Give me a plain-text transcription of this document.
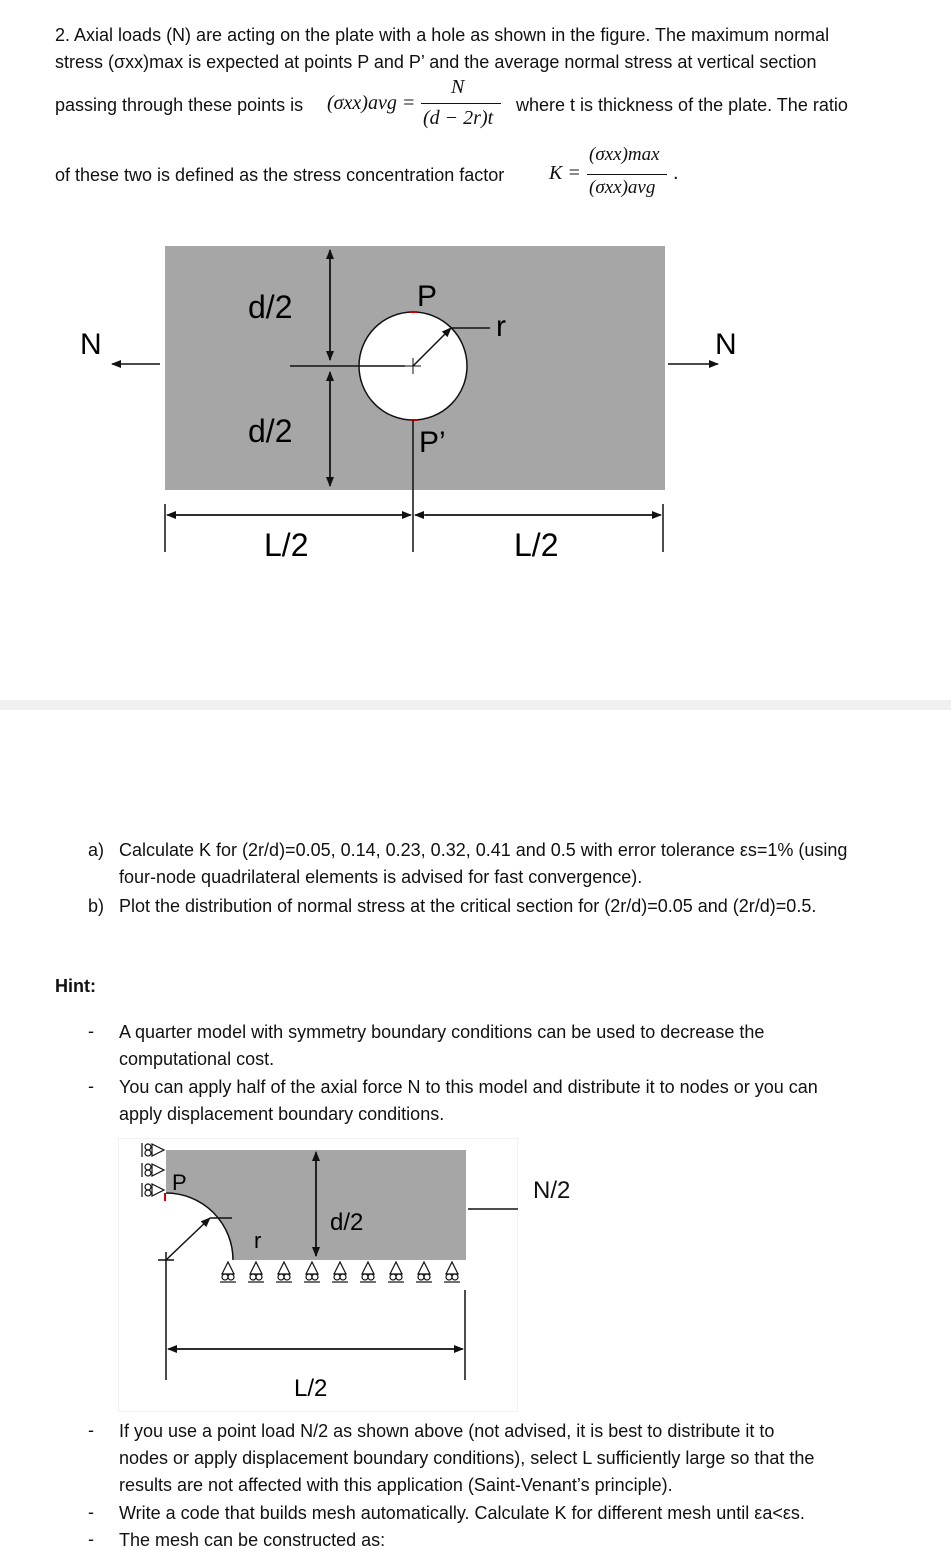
2. Axial loads (N) are acting on the plate with a hole as shown in the figure. The maximum normal
stress (σxx)max is expected at points P and P’ and the average normal stress at vertical section
passing through these points is (σxx)avg =
N
(d − 2r)t
where t is thickness of the plate. The ratio
of these two is defined as the stress concentration factor K =
(σxx)max
(σxx)avg
.
N	N
d/2
d/2
P
P’
r
L/2	L/2
a) Calculate K for (2r/d)=0.05, 0.14, 0.23, 0.32, 0.41 and 0.5 with error tolerance εs=1% (using
four-node quadrilateral elements is advised for fast convergence).
b) Plot the distribution of normal stress at the critical section for (2r/d)=0.05 and (2r/d)=0.5.
Hint:
- A quarter model with symmetry boundary conditions can be used to decrease the
computational cost.
- You can apply half of the axial force N to this model and distribute it to nodes or you can
apply displacement boundary conditions.
P
r
d/2
L/2
N/2
- If you use a point load N/2 as shown above (not advised, it is best to distribute it to
nodes or apply displacement boundary conditions), select L sufficiently large so that the
results are not affected with this application (Saint-Venant’s principle).
- Write a code that builds mesh automatically. Calculate K for different mesh until εa<εs.
- The mesh can be constructed as:
